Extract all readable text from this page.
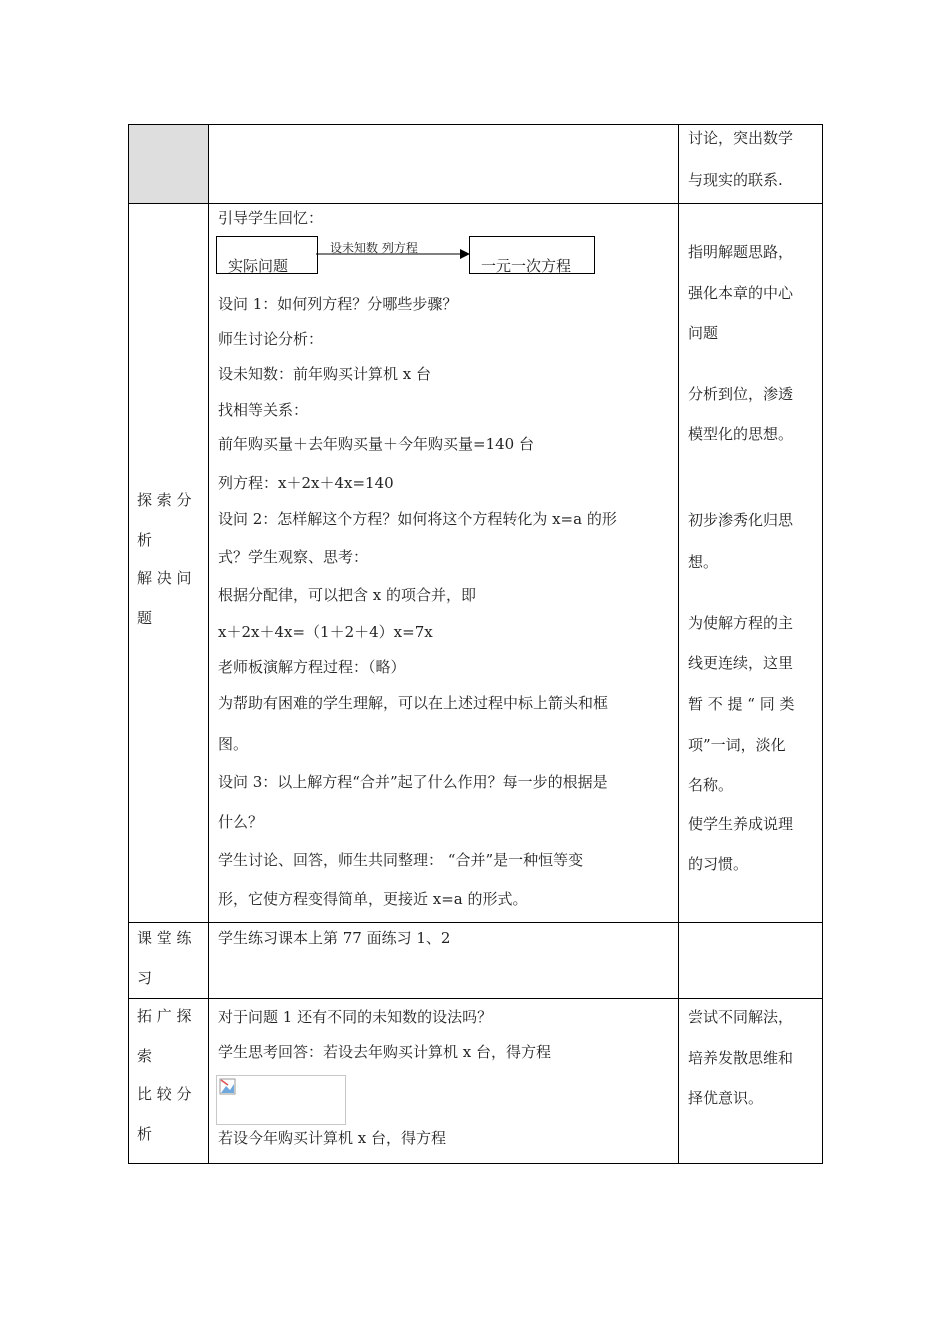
讨论，突出数学
与现实的联系.
探 索 分
析
解 决 问
题
引导学生回忆：
实际问题
设未知数 列方程
一元一次方程
设问 1：如何列方程？分哪些步骤？
师生讨论分析：
设未知数：前年购买计算机 x 台
找相等关系：
前年购买量＋去年购买量＋今年购买量=140 台
列方程：x＋2x＋4x=140
设问 2：怎样解这个方程？如何将这个方程转化为 x=a 的形
式？学生观察、思考：
根据分配律，可以把含 x 的项合并，即
x＋2x＋4x=（1＋2＋4）x=7x
老师板演解方程过程：（略）
为帮助有困难的学生理解，可以在上述过程中标上箭头和框
图。
设问 3：以上解方程“合并”起了什么作用？每一步的根据是
什么？
学生讨论、回答，师生共同整理： “合并”是一种恒等变
形，它使方程变得简单，更接近 x=a 的形式。
指明解题思路，
强化本章的中心
问题
分析到位，渗透
模型化的思想。
初步渗秀化归思
想。
为使解方程的主
线更连续，这里
暂 不 提 “ 同 类
项”一词，淡化
名称。
使学生养成说理
的习惯。
课 堂 练
习
学生练习课本上第 77 面练习 1、2
拓 广 探
索
比 较 分
析
对于问题 1 还有不同的未知数的设法吗？
学生思考回答：若设去年购买计算机 x 台，得方程
若设今年购买计算机 x 台，得方程
尝试不同解法，
培养发散思维和
择优意识。
